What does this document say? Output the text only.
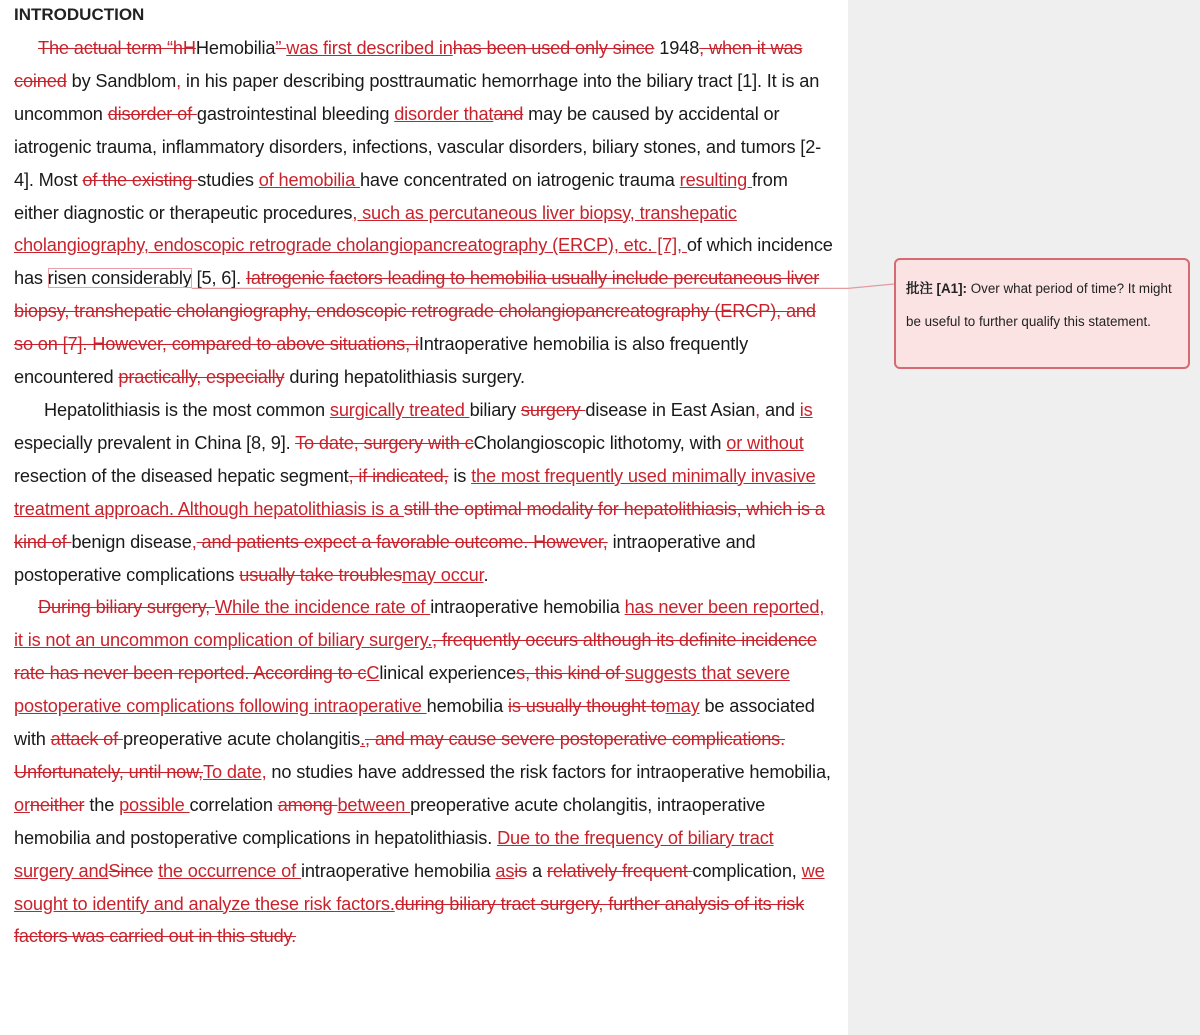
INTRODUCTION

The actual term “hHHemobilia” was first described inhas been used only since 1948, when it was coined by Sandblom, in his paper describing posttraumatic hemorrhage into the biliary tract [1]. It is an uncommon disorder of gastrointestinal bleeding disorder thatand may be caused by accidental or iatrogenic trauma, inflammatory disorders, infections, vascular disorders, biliary stones, and tumors [2-4]. Most of the existing studies of hemobilia have concentrated on iatrogenic trauma resulting from either diagnostic or therapeutic procedures, such as percutaneous liver biopsy, transhepatic cholangiography, endoscopic retrograde cholangiopancreatography (ERCP), etc. [7], of which incidence has risen considerably [5, 6]. Iatrogenic factors leading to hemobilia usually include percutaneous liver biopsy, transhepatic cholangiography, endoscopic retrograde cholangiopancreatography (ERCP), and so on [7]. However, compared to above situations, iIntraoperative hemobilia is also frequently encountered practically, especially during hepatolithiasis surgery.

Hepatolithiasis is the most common surgically treated biliary surgery disease in East Asian, and is especially prevalent in China [8, 9]. To date, surgery with cCholangioscopic lithotomy, with or without resection of the diseased hepatic segment, if indicated, is the most frequently used minimally invasive treatment approach. Although hepatolithiasis is a still the optimal modality for hepatolithiasis, which is a kind of benign disease, and patients expect a favorable outcome. However, intraoperative and postoperative complications usually take troublesmay occur.

During biliary surgery, While the incidence rate of intraoperative hemobilia has never been reported, it is not an uncommon complication of biliary surgery., frequently occurs although its definite incidence rate has never been reported. According to cClinical experiences, this kind of suggests that severe postoperative complications following intraoperative hemobilia is usually thought tomay be associated with attack of preoperative acute cholangitis., and may cause severe postoperative complications. Unfortunately, until now,To date, no studies have addressed the risk factors for intraoperative hemobilia, orneither the possible correlation among between preoperative acute cholangitis, intraoperative hemobilia and postoperative complications in hepatolithiasis. Due to the frequency of biliary tract surgery andSince the occurrence of intraoperative hemobilia asis a relatively frequent complication, we sought to identify and analyze these risk factors.during biliary tract surgery, further analysis of its risk factors was carried out in this study.

批注 [A1]: Over what period of time? It might be useful to further qualify this statement.
